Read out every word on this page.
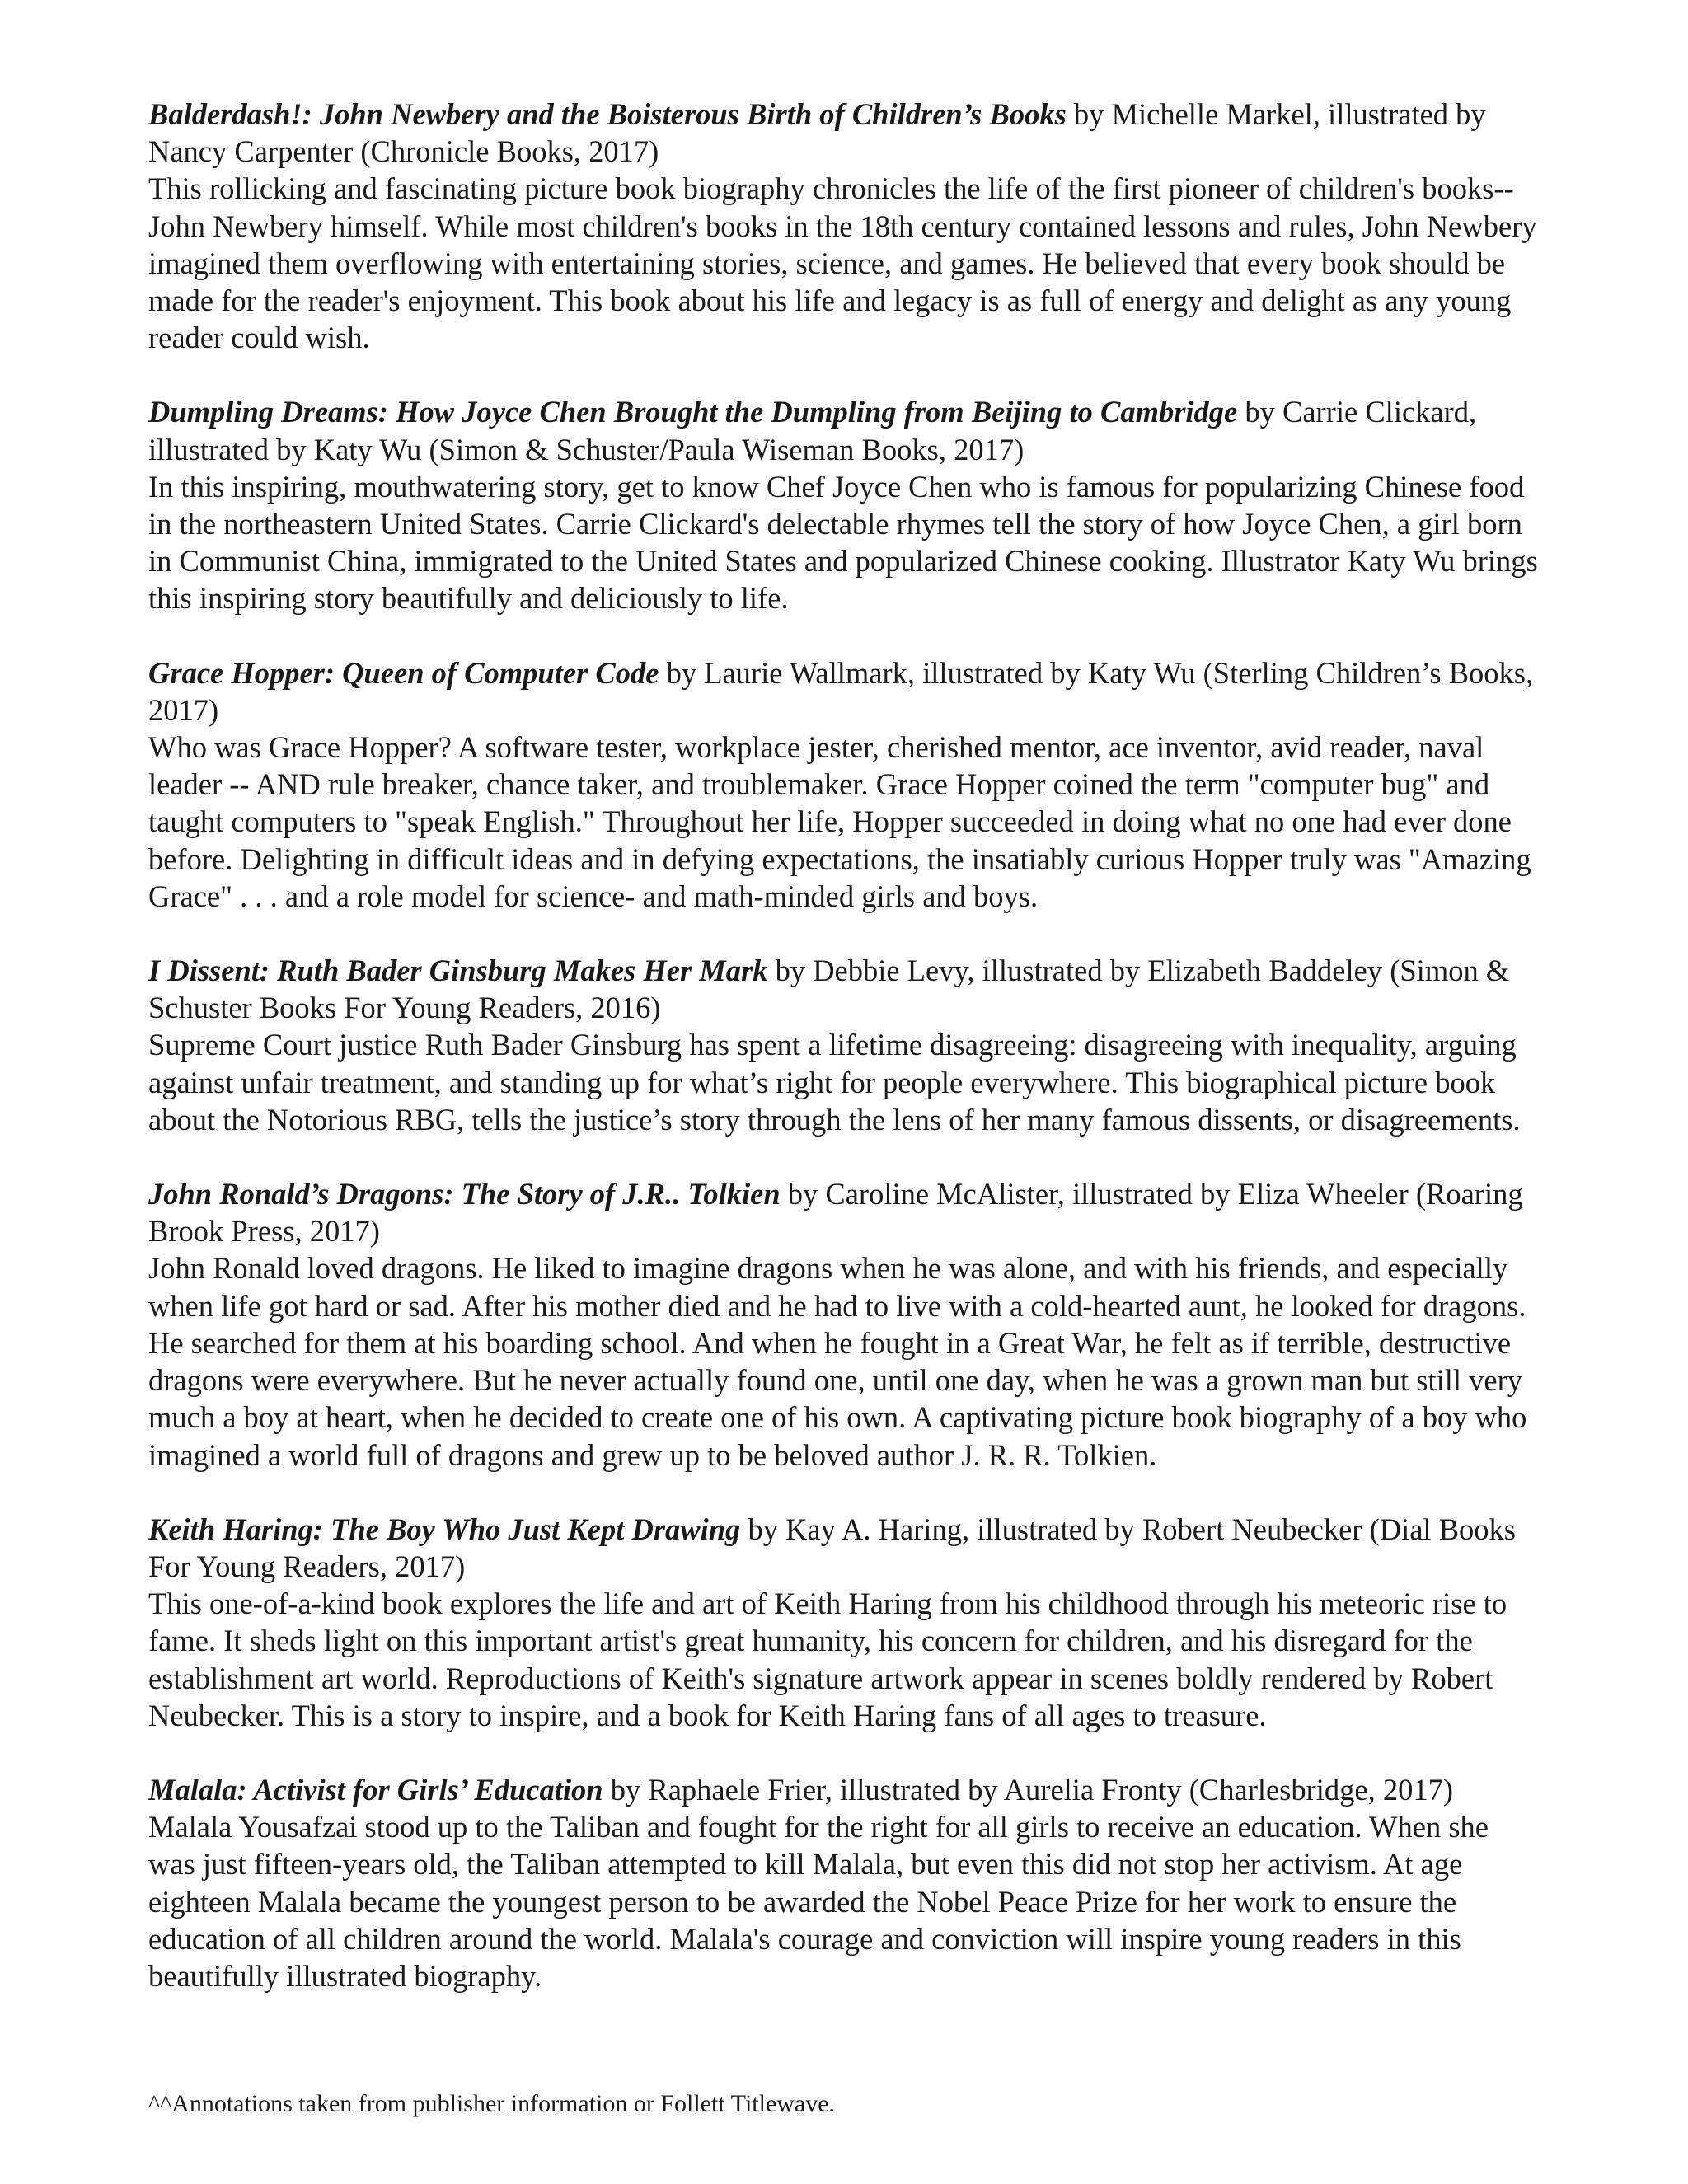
Balderdash!: John Newbery and the Boisterous Birth of Children’s Books by Michelle Markel, illustrated by Nancy Carpenter (Chronicle Books, 2017)

This rollicking and fascinating picture book biography chronicles the life of the first pioneer of children's books--John Newbery himself. While most children's books in the 18th century contained lessons and rules, John Newbery imagined them overflowing with entertaining stories, science, and games. He believed that every book should be made for the reader's enjoyment. This book about his life and legacy is as full of energy and delight as any young reader could wish.

Dumpling Dreams: How Joyce Chen Brought the Dumpling from Beijing to Cambridge by Carrie Clickard, illustrated by Katy Wu (Simon & Schuster/Paula Wiseman Books, 2017)

In this inspiring, mouthwatering story, get to know Chef Joyce Chen who is famous for popularizing Chinese food in the northeastern United States. Carrie Clickard's delectable rhymes tell the story of how Joyce Chen, a girl born in Communist China, immigrated to the United States and popularized Chinese cooking. Illustrator Katy Wu brings this inspiring story beautifully and deliciously to life.

Grace Hopper: Queen of Computer Code by Laurie Wallmark, illustrated by Katy Wu (Sterling Children’s Books, 2017)

Who was Grace Hopper? A software tester, workplace jester, cherished mentor, ace inventor, avid reader, naval leader -- AND rule breaker, chance taker, and troublemaker. Grace Hopper coined the term "computer bug" and taught computers to "speak English." Throughout her life, Hopper succeeded in doing what no one had ever done before. Delighting in difficult ideas and in defying expectations, the insatiably curious Hopper truly was "Amazing Grace" . . . and a role model for science- and math-minded girls and boys.

I Dissent: Ruth Bader Ginsburg Makes Her Mark by Debbie Levy, illustrated by Elizabeth Baddeley (Simon & Schuster Books For Young Readers, 2016)

Supreme Court justice Ruth Bader Ginsburg has spent a lifetime disagreeing: disagreeing with inequality, arguing against unfair treatment, and standing up for what’s right for people everywhere. This biographical picture book about the Notorious RBG, tells the justice’s story through the lens of her many famous dissents, or disagreements.

John Ronald’s Dragons: The Story of J.R.. Tolkien by Caroline McAlister, illustrated by Eliza Wheeler (Roaring Brook Press, 2017)

John Ronald loved dragons. He liked to imagine dragons when he was alone, and with his friends, and especially when life got hard or sad. After his mother died and he had to live with a cold-hearted aunt, he looked for dragons. He searched for them at his boarding school. And when he fought in a Great War, he felt as if terrible, destructive dragons were everywhere. But he never actually found one, until one day, when he was a grown man but still very much a boy at heart, when he decided to create one of his own. A captivating picture book biography of a boy who imagined a world full of dragons and grew up to be beloved author J. R. R. Tolkien.

Keith Haring: The Boy Who Just Kept Drawing by Kay A. Haring, illustrated by Robert Neubecker (Dial Books For Young Readers, 2017)

This one-of-a-kind book explores the life and art of Keith Haring from his childhood through his meteoric rise to fame. It sheds light on this important artist's great humanity, his concern for children, and his disregard for the establishment art world. Reproductions of Keith's signature artwork appear in scenes boldly rendered by Robert Neubecker. This is a story to inspire, and a book for Keith Haring fans of all ages to treasure.

Malala: Activist for Girls’ Education by Raphaele Frier, illustrated by Aurelia Fronty (Charlesbridge, 2017)

Malala Yousafzai stood up to the Taliban and fought for the right for all girls to receive an education. When she was just fifteen-years old, the Taliban attempted to kill Malala, but even this did not stop her activism. At age eighteen Malala became the youngest person to be awarded the Nobel Peace Prize for her work to ensure the education of all children around the world. Malala's courage and conviction will inspire young readers in this beautifully illustrated biography.

^^Annotations taken from publisher information or Follett Titlewave.
